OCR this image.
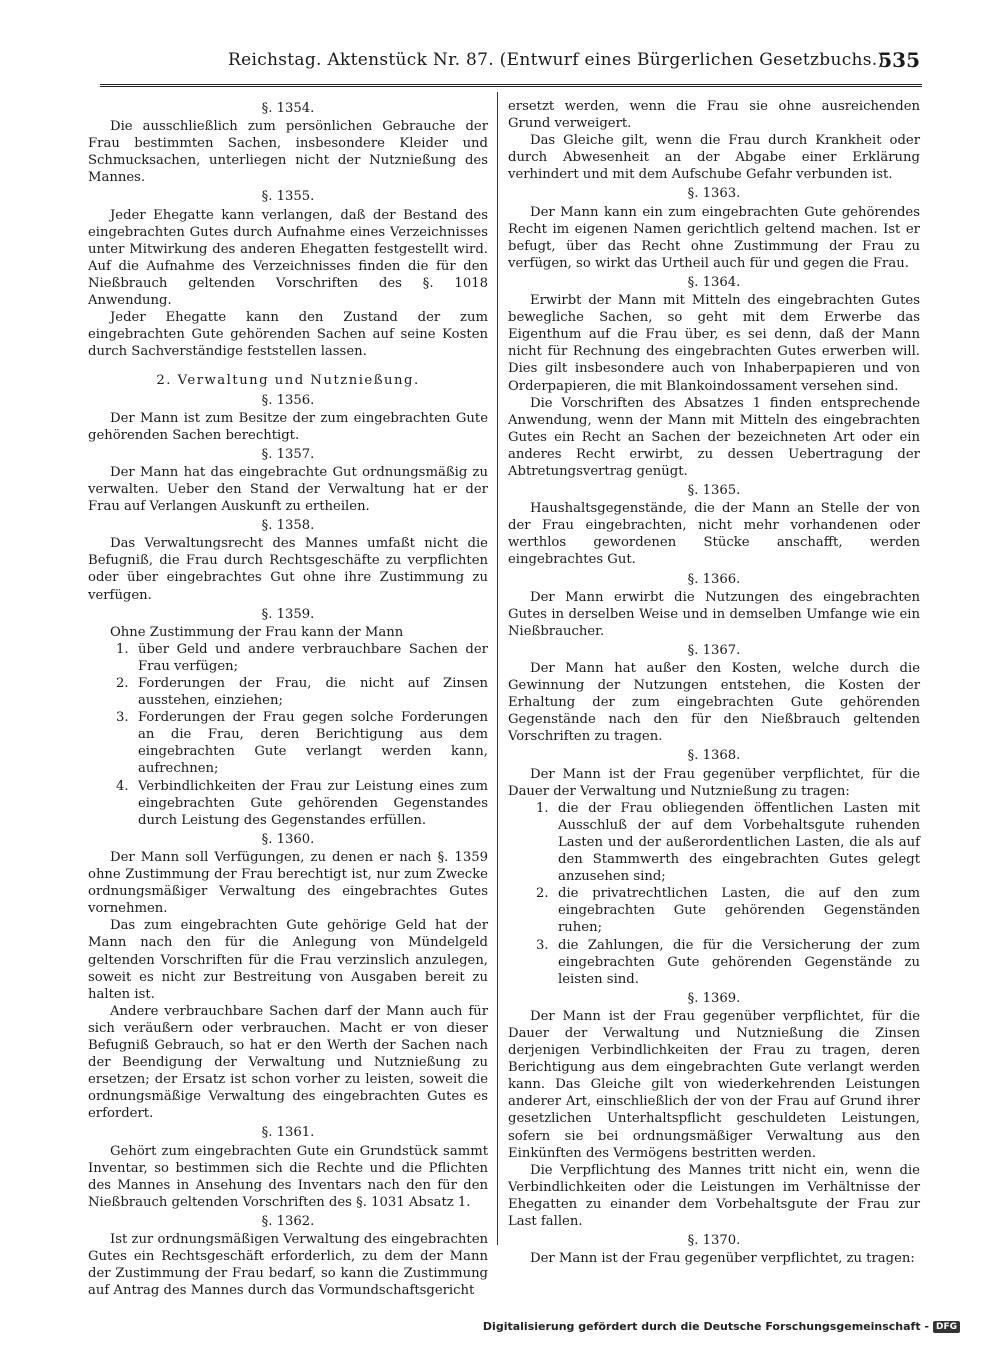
Reichstag. Aktenstück Nr. 87. (Entwurf eines Bürgerlichen Gesetzbuchs.)
535
§. 1354.

Die ausschließlich zum persönlichen Gebrauche der Frau bestimmten Sachen, insbesondere Kleider und Schmucksachen, unterliegen nicht der Nutznießung des Mannes.

§. 1355.

Jeder Ehegatte kann verlangen, daß der Bestand des eingebrachten Gutes durch Aufnahme eines Verzeichnisses unter Mitwirkung des anderen Ehegatten festgestellt wird. Auf die Aufnahme des Verzeichnisses finden die für den Nießbrauch geltenden Vorschriften des §. 1018 Anwendung.

Jeder Ehegatte kann den Zustand der zum eingebrachten Gute gehörenden Sachen auf seine Kosten durch Sachverständige feststellen lassen.

2. Verwaltung und Nutznießung.
§. 1356.

Der Mann ist zum Besitze der zum eingebrachten Gute gehörenden Sachen berechtigt.

§. 1357.

Der Mann hat das eingebrachte Gut ordnungsmäßig zu verwalten. Ueber den Stand der Verwaltung hat er der Frau auf Verlangen Auskunft zu ertheilen.

§. 1358.

Das Verwaltungsrecht des Mannes umfaßt nicht die Befugniß, die Frau durch Rechtsgeschäfte zu verpflichten oder über eingebrachtes Gut ohne ihre Zustimmung zu verfügen.

§. 1359.

Ohne Zustimmung der Frau kann der Mann

1. über Geld und andere verbrauchbare Sachen der Frau verfügen;
2. Forderungen der Frau, die nicht auf Zinsen ausstehen, einziehen;
3. Forderungen der Frau gegen solche Forderungen an die Frau, deren Berichtigung aus dem eingebrachten Gute verlangt werden kann, aufrechnen;
4. Verbindlichkeiten der Frau zur Leistung eines zum eingebrachten Gute gehörenden Gegenstandes durch Leistung des Gegenstandes erfüllen.
§. 1360.

Der Mann soll Verfügungen, zu denen er nach §. 1359 ohne Zustimmung der Frau berechtigt ist, nur zum Zwecke ordnungsmäßiger Verwaltung des eingebrachtes Gutes vornehmen.

Das zum eingebrachten Gute gehörige Geld hat der Mann nach den für die Anlegung von Mündelgeld geltenden Vorschriften für die Frau verzinslich anzulegen, soweit es nicht zur Bestreitung von Ausgaben bereit zu halten ist.

Andere verbrauchbare Sachen darf der Mann auch für sich veräußern oder verbrauchen. Macht er von dieser Befugniß Gebrauch, so hat er den Werth der Sachen nach der Beendigung der Verwaltung und Nutznießung zu ersetzen; der Ersatz ist schon vorher zu leisten, soweit die ordnungsmäßige Verwaltung des eingebrachten Gutes es erfordert.

§. 1361.

Gehört zum eingebrachten Gute ein Grundstück sammt Inventar, so bestimmen sich die Rechte und die Pflichten des Mannes in Ansehung des Inventars nach den für den Nießbrauch geltenden Vorschriften des §. 1031 Absatz 1.

§. 1362.

Ist zur ordnungsmäßigen Verwaltung des eingebrachten Gutes ein Rechtsgeschäft erforderlich, zu dem der Mann der Zustimmung der Frau bedarf, so kann die Zustimmung auf Antrag des Mannes durch das Vormundschaftsgericht

ersetzt werden, wenn die Frau sie ohne ausreichenden Grund verweigert.

Das Gleiche gilt, wenn die Frau durch Krankheit oder durch Abwesenheit an der Abgabe einer Erklärung verhindert und mit dem Aufschube Gefahr verbunden ist.

§. 1363.

Der Mann kann ein zum eingebrachten Gute gehörendes Recht im eigenen Namen gerichtlich geltend machen. Ist er befugt, über das Recht ohne Zustimmung der Frau zu verfügen, so wirkt das Urtheil auch für und gegen die Frau.

§. 1364.

Erwirbt der Mann mit Mitteln des eingebrachten Gutes bewegliche Sachen, so geht mit dem Erwerbe das Eigenthum auf die Frau über, es sei denn, daß der Mann nicht für Rechnung des eingebrachten Gutes erwerben will. Dies gilt insbesondere auch von Inhaberpapieren und von Orderpapieren, die mit Blankoindossament versehen sind.

Die Vorschriften des Absatzes 1 finden entsprechende Anwendung, wenn der Mann mit Mitteln des eingebrachten Gutes ein Recht an Sachen der bezeichneten Art oder ein anderes Recht erwirbt, zu dessen Uebertragung der Abtretungsvertrag genügt.

§. 1365.

Haushaltsgegenstände, die der Mann an Stelle der von der Frau eingebrachten, nicht mehr vorhandenen oder werthlos gewordenen Stücke anschafft, werden eingebrachtes Gut.

§. 1366.

Der Mann erwirbt die Nutzungen des eingebrachten Gutes in derselben Weise und in demselben Umfange wie ein Nießbraucher.

§. 1367.

Der Mann hat außer den Kosten, welche durch die Gewinnung der Nutzungen entstehen, die Kosten der Erhaltung der zum eingebrachten Gute gehörenden Gegenstände nach den für den Nießbrauch geltenden Vorschriften zu tragen.

§. 1368.

Der Mann ist der Frau gegenüber verpflichtet, für die Dauer der Verwaltung und Nutznießung zu tragen:

1. die der Frau obliegenden öffentlichen Lasten mit Ausschluß der auf dem Vorbehaltsgute ruhenden Lasten und der außerordentlichen Lasten, die als auf den Stammwerth des eingebrachten Gutes gelegt anzusehen sind;
2. die privatrechtlichen Lasten, die auf den zum eingebrachten Gute gehörenden Gegenständen ruhen;
3. die Zahlungen, die für die Versicherung der zum eingebrachten Gute gehörenden Gegenstände zu leisten sind.
§. 1369.

Der Mann ist der Frau gegenüber verpflichtet, für die Dauer der Verwaltung und Nutznießung die Zinsen derjenigen Verbindlichkeiten der Frau zu tragen, deren Berichtigung aus dem eingebrachten Gute verlangt werden kann. Das Gleiche gilt von wiederkehrenden Leistungen anderer Art, einschließlich der von der Frau auf Grund ihrer gesetzlichen Unterhaltspflicht geschuldeten Leistungen, sofern sie bei ordnungsmäßiger Verwaltung aus den Einkünften des Vermögens bestritten werden.

Die Verpflichtung des Mannes tritt nicht ein, wenn die Verbindlichkeiten oder die Leistungen im Verhältnisse der Ehegatten zu einander dem Vorbehaltsgute der Frau zur Last fallen.

§. 1370.

Der Mann ist der Frau gegenüber verpflichtet, zu tragen:

Digitalisierung gefördert durch die Deutsche Forschungsgemeinschaft - DFG
